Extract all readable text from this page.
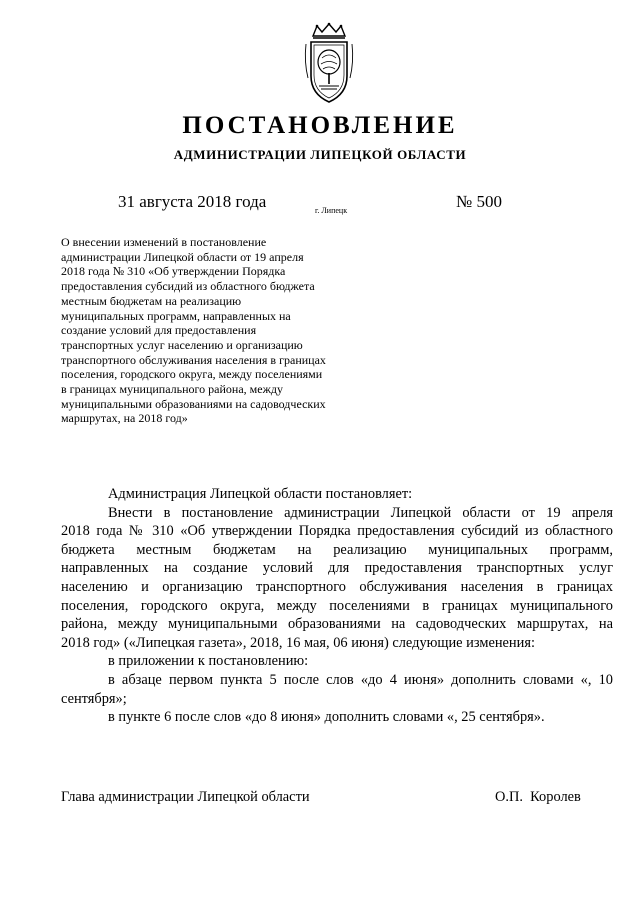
ПОСТАНОВЛЕНИЕ
АДМИНИСТРАЦИИ ЛИПЕЦКОЙ ОБЛАСТИ
31 августа 2018 года	г. Липецк	№ 500
О внесении изменений в постановление
администрации Липецкой области от 19 апреля
2018 года № 310 «Об утверждении Порядка
предоставления субсидий из областного бюджета
местным бюджетам на реализацию
муниципальных программ, направленных на
создание условий для предоставления
транспортных услуг населению и организацию
транспортного обслуживания населения в границах
поселения, городского округа, между поселениями
в границах муниципального района, между
муниципальными образованиями на садоводческих
маршрутах, на 2018 год»
Администрация Липецкой области постановляет:
Внести в постановление администрации Липецкой области от 19 апреля
2018 года № 310 «Об утверждении Порядка предоставления субсидий из областного
бюджета местным бюджетам на реализацию муниципальных программ,
направленных на создание условий для предоставления транспортных услуг
населению и организацию транспортного обслуживания населения в границах
поселения, городского округа, между поселениями в границах муниципального
района, между муниципальными образованиями на садоводческих маршрутах, на
2018 год» («Липецкая газета», 2018, 16 мая, 06 июня) следующие изменения:
в приложении к постановлению:
в абзаце первом пункта 5 после слов «до 4 июня» дополнить словами «, 10
сентября»;
в пункте 6 после слов «до 8 июня» дополнить словами «, 25 сентября».
Глава администрации Липецкой области	О.П.  Королев
